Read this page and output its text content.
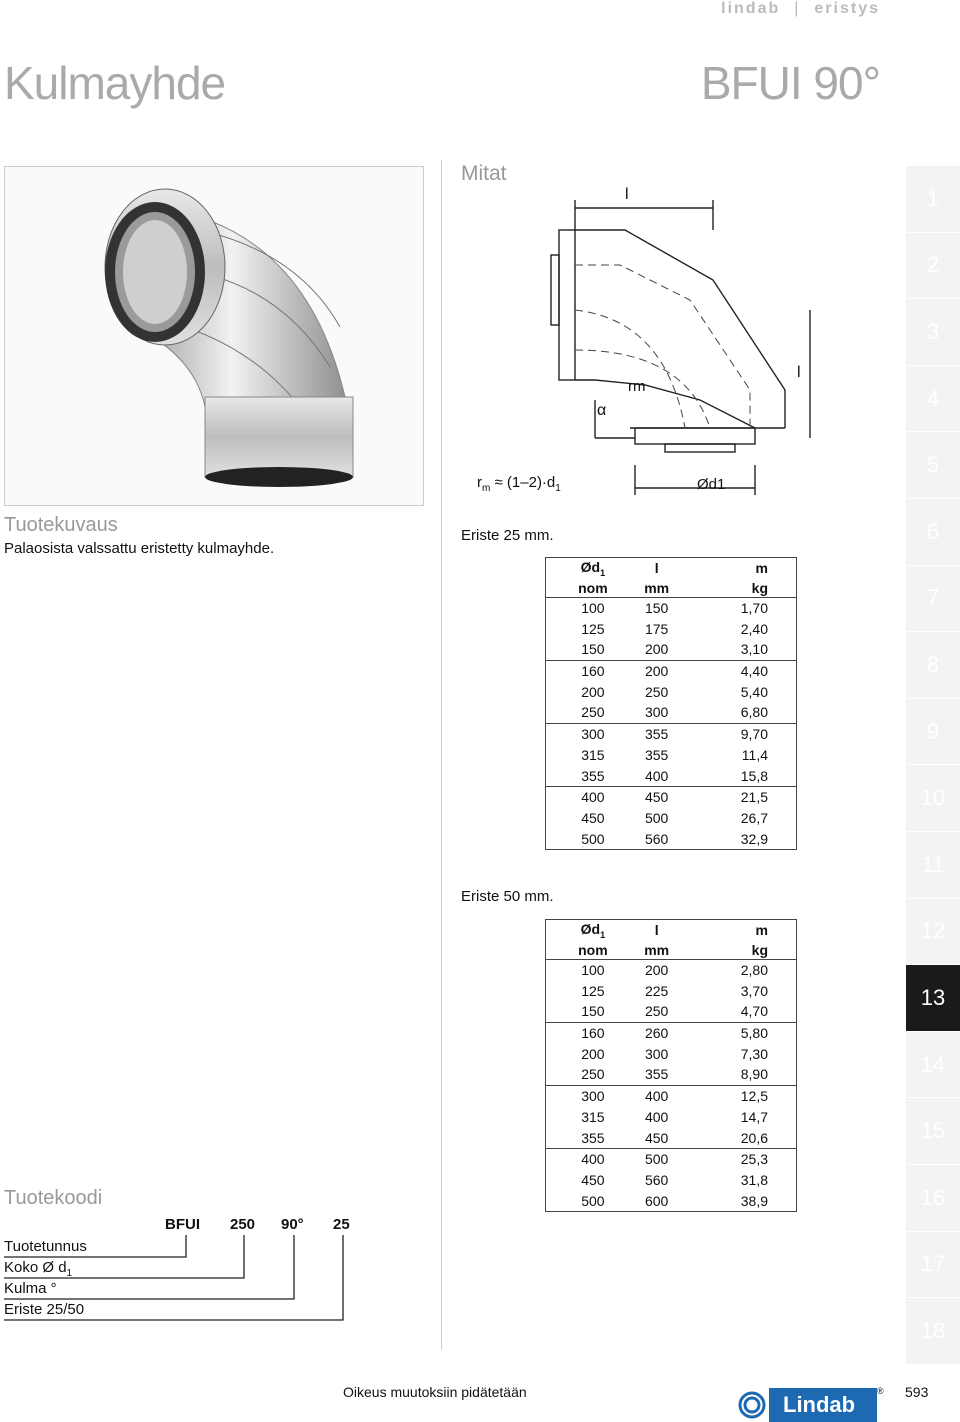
lindab | eristys
Kulmayhde	BFUI 90°
Mitat
l
l
rm
α
Ød1
$r_m \approx (1-2)\cdot d_1$
Tuotekuvaus
Palaosista valssattu eristetty kulmayhde.
Eriste 25 mm.
$Ød_1$	l	m
nom	mm	kg
100	150	1,70
125	175	2,40
150	200	3,10
160	200	4,40
200	250	5,40
250	300	6,80
300	355	9,70
315	355	11,4
355	400	15,8
400	450	21,5
450	500	26,7
500	560	32,9
Eriste 50 mm.
$Ød_1$	l	m
nom	mm	kg
100	200	2,80
125	225	3,70
150	250	4,70
160	260	5,80
200	300	7,30
250	355	8,90
300	400	12,5
315	400	14,7
355	450	20,6
400	500	25,3
450	560	31,8
500	600	38,9
Tuotekoodi
BFUI 250 90° 25
Tuotetunnus
Koko Ø $d_1$
Kulma °
Eriste 25/50
1
2
3
4
5
6
7
8
9
10
11
12
13
14
15
16
17
18
Oikeus muutoksiin pidätetään	Lindab
® 593
